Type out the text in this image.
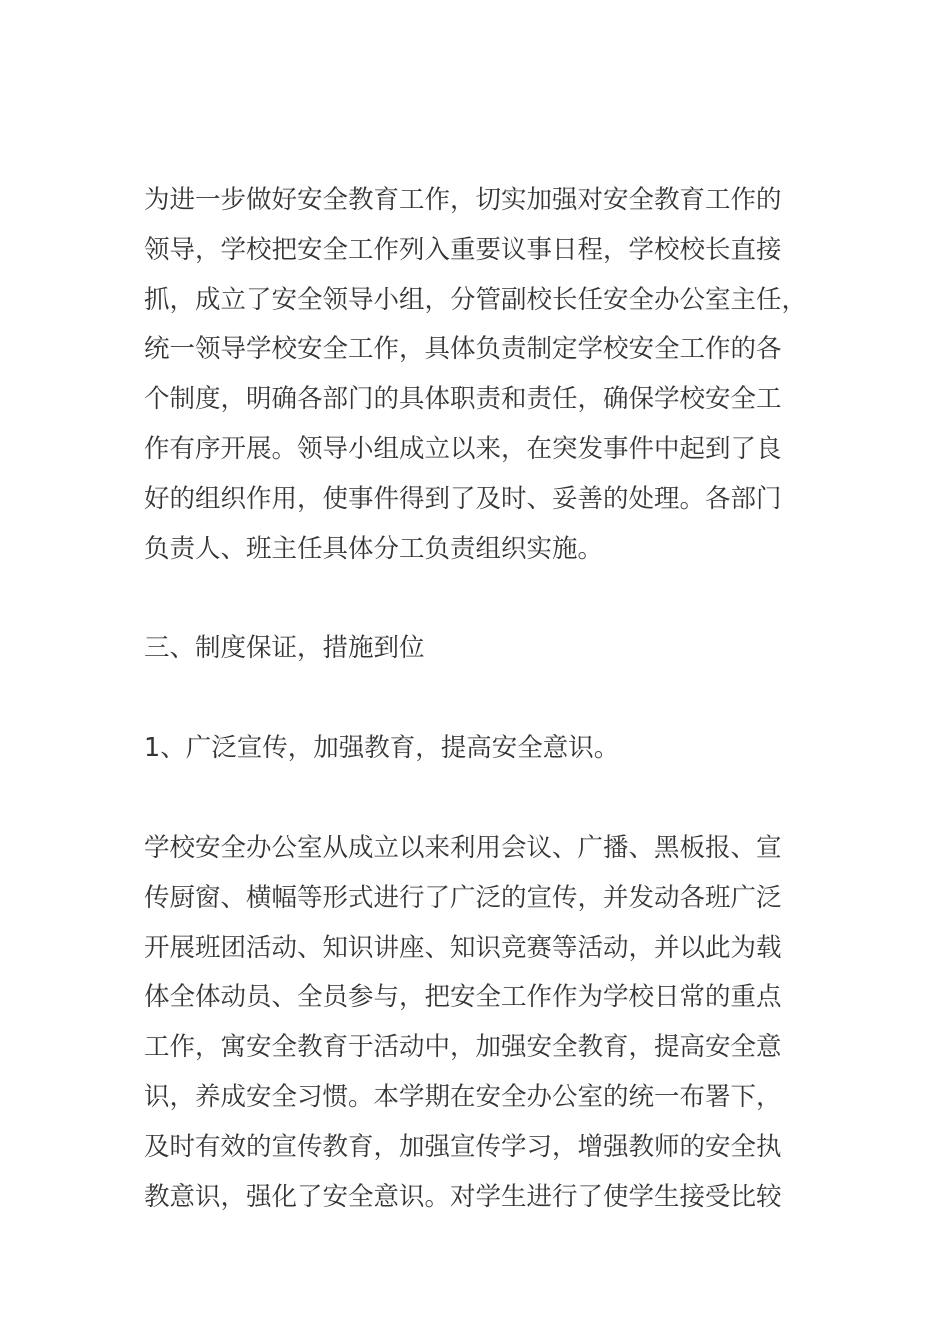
为进一步做好安全教育工作，切实加强对安全教育工作的
领导，学校把安全工作列入重要议事日程，学校校长直接
抓，成立了安全领导小组，分管副校长任安全办公室主任，
统一领导学校安全工作，具体负责制定学校安全工作的各
个制度，明确各部门的具体职责和责任，确保学校安全工
作有序开展。领导小组成立以来，在突发事件中起到了良
好的组织作用，使事件得到了及时、妥善的处理。各部门
负责人、班主任具体分工负责组织实施。
三、制度保证，措施到位
1、广泛宣传，加强教育，提高安全意识。
学校安全办公室从成立以来利用会议、广播、黑板报、宣
传厨窗、横幅等形式进行了广泛的宣传，并发动各班广泛
开展班团活动、知识讲座、知识竞赛等活动，并以此为载
体全体动员、全员参与，把安全工作作为学校日常的重点
工作，寓安全教育于活动中，加强安全教育，提高安全意
识，养成安全习惯。本学期在安全办公室的统一布署下，
及时有效的宣传教育，加强宣传学习，增强教师的安全执
教意识，强化了安全意识。对学生进行了使学生接受比较
